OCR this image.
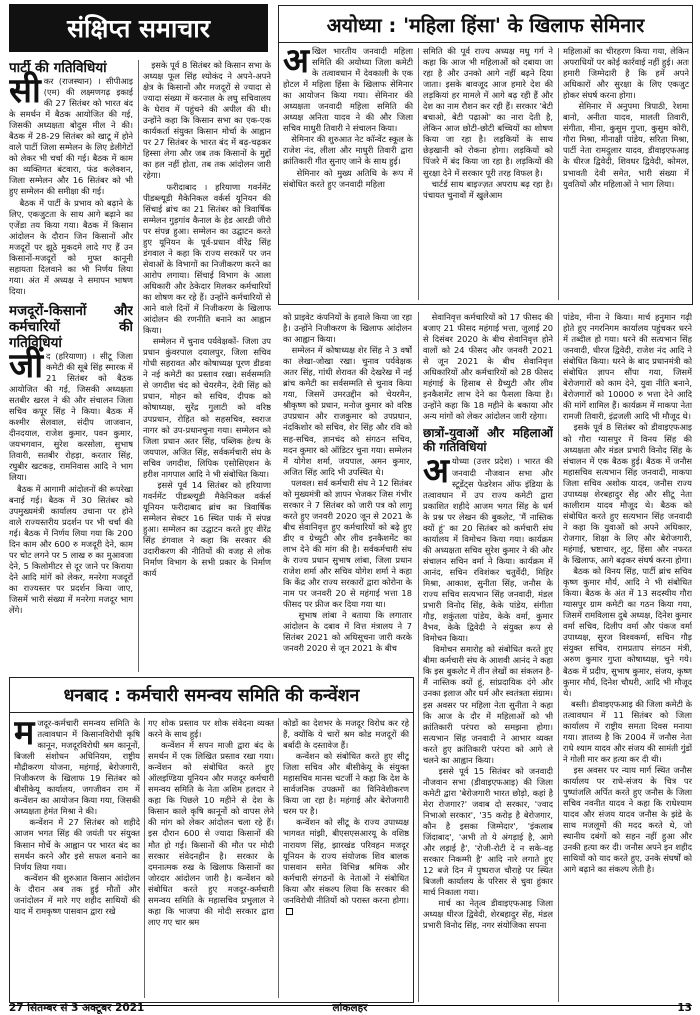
संक्षिप्त समाचार	अयोध्या : 'महिला हिंसा' के खिलाफ सेमिनार
पार्टी की गतिविधियां

सीकर (राजस्थान) । सीपीआइ (एम) की लक्ष्मणगढ़ इकाई की 27 सितंबर को भारत बंद के समर्थन में बैठक आयोजित की गई, जिसकी अध्यक्षता बोदुस मील ने की। बैठक में 28-29 सितंबर को खाटू में होने वाले पार्टी जिला सम्मेलन के लिए डेलीगेटों को लेकर भी चर्चा की गई। बैठक में काम का व्यक्तिगत बंटवारा, फंड कलेक्शन, जिला सम्मेलन और 16 सितंबर को भी हुए सम्मेलन की समीक्षा की गई।

बैठक में पार्टी के प्रभाव को बढ़ाने के लिए, एकजुटता के साथ आगे बढ़ाने का एजेंडा तय किया गया। बैठक में किसान आंदोलन के दौरान जिन किसानों और मजदूरों पर झूठे मुकदमे लादे गए हैं उन किसानों-मजदूरों को मुफ्त कानूनी सहायता दिलवाने का भी निर्णय लिया गया। अंत में अध्यक्ष ने समापन भाषण दिया।

मजदूरों-किसानों और कर्मचारियों की गतिविधियां

जींद (हरियाणा) । सीटू जिला कमेटी की सूबे सिंह स्मारक में 21 सितंबर को बैठक आयोजित की गई, जिसकी अध्यक्षता सतबीर खरल ने की और संचालन जिला सचिव कपूर सिंह ने किया। बैठक में कश्मीर सेलवाल, संदीप जाजवान, दीनदयाल, राजेश कुमार, पवन कुमार, जयभगवान, सुरेश करसोला, सुभाष तिवारी, सतबीर रोहड़ा, करतार सिंह, रघुबीर खटकड़, रामनिवास आदि ने भाग लिया।

बैठक में आगामी आंदोलनों की रूपरेखा बनाई गई। बैठक में 30 सितंबर को उपमुख्यमंत्री कार्यालय उचाना पर होने वाले राज्यस्तरीय प्रदर्शन पर भी चर्चा की गई। बैठक में निर्णय लिया गया कि 200 दिन काम और 600 रु मजदूरी देने, काम पर चोट लगने पर 5 लाख रु का मुआवजा देने, 5 किलोमीटर से दूर जाने पर किराया देने आदि मांगें को लेकर, मनरेगा मजदूरों का राज्यस्तर पर प्रदर्शन किया जाए, जिसमें भारी संख्या में मनरेगा मजदूर भाग लेंगे।

इसके पूर्व 8 सितंबर को किसान सभा के अध्यक्ष फूल सिंह श्योकंद ने अपने-अपने क्षेत्र के किसानों और मजदूरों से ज्यादा से ज्यादा संख्या में करनाल के लघु सचिवालय के घेराव में पहुंचने की अपील की थी। उन्होंने कहा कि किसान सभा का एक-एक कार्यकर्ता संयुक्त किसान मोर्चा के आह्वान पर 27 सितंबर के भारत बंद में बढ़-चढ़कर हिस्सा लेगा और जब तक किसानों के मुद्दों का हल नहीं होता, तब तक आंदोलन जारी रहेगा।

फरीदाबाद । हरियाणा गवर्नमेंट पीडब्ल्यूडी मैकेनिकल वर्कर्स यूनियन की सिंचाई ब्रांच का 21 सितंबर को त्रिवार्षिक सम्मेलन गुड़गांव कैनाल के हेड आरडी जीरो पर संपन्न हुआ। सम्मेलन का उद्घाटन करते हुए यूनियन के पूर्व-प्रधान वीरेंद्र सिंह डंगवाल ने कहा कि राज्य सरकारें पर जन सेवाओं के विभागों का निजीकरण करने का आरोप लगाया। सिंचाई विभाग के आला अधिकारी और ठेकेदार मिलकर कर्मचारियों का शोषण कर रहे हैं। उन्होंने कर्मचारियों से आने वाले दिनों में निजीकरण के खिलाफ आंदोलन की रणनीति बनाने का आह्वान किया।

सम्मेलन में चुनाव पर्यवेक्षकों- जिला उप प्रधान कुंवरपाल दयालपुर, जिला सचिव गोधी सहरावत और कोषाध्यक्ष पूरण डीडवा ने नई कमेटी का प्रस्ताव रखा। सर्वसम्मति से जगदीश चंद को चेयरमैन, देवी सिंह को प्रधान, मोहन को सचिव, दीपक को कोषाध्यक्ष, सुरेंद्र गुलाटी को वरिष्ठ उपप्रधान, रोहित को सहसचिव, स्वराज नागर को उप-प्रधानचुना गया। सम्मेलन को जिला प्रधान अतर सिंह, पब्लिक हेल्थ के जयपाल, अजित सिंह, सर्वकर्मचारी संघ के सचिव जगदीश, लिपिक एसोसिएशन के हरीश नागपाल आदि ने भी संबोधित किया।

इससे पूर्व 14 सितंबर को हरियाणा गवर्नमेंट पीडब्ल्यूडी मैकेनिकल वर्कर्स यूनियन फरीदाबाद ब्रांच का त्रिवार्षिक सम्मेलन सेक्टर 16 स्थित पार्क में संपन्न हुआ। सम्मेलन का उद्घाटन करते हुए वीरेंद्र सिंह डंगवाल ने कहा कि सरकार की उदारीकरण की नीतियों की वजह से लोक निर्माण विभाग के सभी प्रकार के निर्माण कार्य

अखिल भारतीय जनवादी महिला समिति की अयोध्या जिला कमेटी के तत्वावधान में देवकाली के एक होटल में महिला हिंसा के खिलाफ सेमिनार का आयोजन किया गया। सेमिनार की अध्यक्षता जनवादी महिला समिति की अध्यक्ष अनिता यादव ने की और जिला सचिव माधुरी तिवारी ने संचालन किया।

सेमिनार की शुरुआत नेट कॉन्वेंट स्कूल के राजेश नंद, लीला और माधुरी तिवारी द्वारा क्रांतिकारी गीत सुनाए जाने के साथ हुई।

सेमिनार को मुख्य अतिथि के रूप में संबोधित करते हुए जनवादी महिला

समिति की पूर्व राज्य अध्यक्ष मधु गर्ग ने कहा कि आज भी महिलाओं को दबाया जा रहा है और उनको आगे नहीं बढ़ने दिया जाता। इसके बावजूद आज हमारे देश की लड़कियां हर मामले में आगे बढ़ रही हैं और देश का नाम रौशन कर रही हैं। सरकार 'बेटी बचाओ, बेटी पढ़ाओ' का नारा देती है, लेकिन आज छोटी-छोटी बच्चियों का शोषण किया जा रहा है। लड़कियों के साथ छेड़खानी को रोकना होगा। लड़कियों को पिंजरे में बंद किया जा रहा है। लड़कियों की सुरक्षा देने में सरकार पूरी तरह विफल है।

चार्टर्ड साथ बाइज्ज़त अपराध बढ़ रहा है। पंचायत चुनावों में खुलेआम

महिलाओं का चीरहरण किया गया, लेकिन अपराधियों पर कोई कार्रवाई नहीं हुई। अतः हमारी जिम्मेदारी है कि हमें अपने अधिकारों और सुरक्षा के लिए एकजुट होकर संघर्ष करना होगा।

सेमिनार में अनुपमा त्रिपाठी, रेशमा बानो, अनीता यादव, मालती तिवारी, संगीता, मीना, कुसुम गुप्ता, कुसुम कोरी, गौरा मिश्रा, मीनाक्षी पांडेय, सरिता मिश्रा, पार्टी नेता रामदुलार यादव, डीवाइएफआइ के धीरज द्विवेदी, शिवधर द्विवेदी, कोमल, प्रभावती देवी समेत, भारी संख्या में युवतियों और महिलाओं ने भाग लिया।

को प्राइवेट कंपनियों के हवाले किया जा रहा है। उन्होंने निजीकरण के खिलाफ आंदोलन का आह्वान किया।

सम्मेलन में कोषाध्यक्ष शेर सिंह ने 3 वर्षों का लेखा-जोखा रखा। चुनाव पर्यवेक्षक अतर सिंह, गांधी शेरावत की देखरेख में नई ब्रांच कमेटी का सर्वसम्मति से चुनाव किया गया, जिसमें उमरउद्दीन को चेयरमैन, श्रीकृष्ण को प्रधान, मनोज कुमार को वरिष्ठ उपप्रधान और राजकुमार को उपप्रधान, नंदकिशोर को सचिव, शेर सिंह और रवि को सह-सचिव, ज्ञानचंद को संगठन सचिव, मदन कुमार को ऑडिटर चुना गया। सम्मेलन में योगेश शर्मा, जयपाल, अमन कुमार, अजित सिंह आदि भी उपस्थित थे।

पलवल। सर्व कर्मचारी संघ ने 12 सितंबर को मुख्यमंत्री को ज्ञापन भेजकर जिस गंभीर सरकार ने 7 सितंबर को जारी पत्र को लागू करते हुए जनवरी 2020 जून से 2021 के बीच सेवानिवृत्त हुए कर्मचारियों को बढ़े हुए डीए व ग्रेच्युटी और लीव इनकैशमेंट का लाभ देने की मांग की है। सर्वकर्मचारी संघ के राज्य प्रधान सुभाष लांबा, जिला प्रधान राजेश शर्मा और सचिव योगेश शर्मा ने कहा कि केंद्र और राज्य सरकारों द्वारा कोरोना के नाम पर जनवरी 20 से महंगाई भत्ता 18 फीसद पर फ्रीज कर दिया गया था।

सुभाष लांबा ने बताया कि लगातार आंदोलन के दबाव में वित्त मंत्रालय ने 7 सितंबर 2021 को अधिसूचना जारी करके जनवरी 2020 से जून 2021 के बीच

सेवानिवृत्त कर्मचारियों को 17 फीसद की बजाए 21 फीसद महंगाई भत्ता, जुलाई 20 से दिसंबर 2020 के बीच सेवानिवृत्त होने वालों को 24 फीसद और जनवरी 2021 से जून 2021 के बीच सेवानिवृत्त अधिकारियों और कर्मचारियों को 28 फीसद महंगाई के हिसाब से ग्रैच्युटी और लीव इनकैशमेंट लाभ देने का फैसला किया है। उन्होंने कहा कि 18 महीने के बकाया और अन्य मांगों को लेकर आंदोलन जारी रहेगा।

छात्रों-युवाओं और महिलाओं की गतिविधियां

अयोध्या (उत्तर प्रदेश) । भारत की जनवादी नौजवान सभा और स्टूडेंट्स फेडरेशन ऑफ इंडिया के तत्वावधान में उप राज्य कमेटी द्वारा प्रकाशित शहीदे आजम भगत सिंह के धर्म के प्रश्न पर लेखन की बुकलेट, 'मैं नास्तिक क्यों हूं' का 20 सितंबर को कर्मचारी संघ कार्यालय में विमोचन किया गया। कार्यक्रम की अध्यक्षता सचिव सुरेश कुमार ने की और संचालन सचिन वर्मा ने किया। कार्यक्रम में आनंद, सचिन रविशंकर चतुर्वेदी, मिहिर मिश्रा, आकाश, सुनीता सिंह, जनौस के राज्य सचिव सत्यभान सिंह जनवादी, मंडल प्रभारी विनोद सिंह, केके पांडेय, संगीता गौड़, शकुंतला पांडेय, केके वर्मा, कुमार वैभव, केके द्विवेदी ने संयुक्त रूप से विमोचन किया।

विमोचन समारोह को संबोधित करते हुए बीमा कर्मचारी संघ के आशवी आनंद ने कहा कि इस बुकलेट में तीन लेखों का संकलन है-मैं नास्तिक क्यों हूं, सांप्रदायिक दंगे और उनका इलाज और धर्म और स्वतंत्रता संग्राम। इस अवसर पर महिला नेता सुनीता ने कहा कि आज के दौर में महिलाओं को भी क्रांतिकारी परंपरा को समझना होगा। सत्यभान सिंह जनवादी ने आभार व्यक्त करते हुए क्रांतिकारी परंपरा को आगे ले चलने का आह्वान किया।

इससे पूर्व 15 सितंबर को जनवादी नौजवान सभा (डीवाइएफआइ) की जिला कमेटी द्वारा 'बेरोजगारी भारत छोड़ो, कहां है मेरा रोजगार?' जवाब दो सरकार, 'ज्वाद निभाओ सरकार', '35 करोड़ है बेरोजगार, कौन है इसका जिम्मेदार', 'इंकलाब जिंदाबाद', 'अभी तो ये अंगड़ाई है, आगे और लड़ाई है', 'रोजी-रोटी दे न सके-वह सरकार निकम्मी है' आदि नारे लगाते हुए 12 बजे दिन में पुष्पराज चौराहे पर स्थित बिजली कार्यालय के परिसर से चुवा हुंकार मार्च निकाला गया।

मार्च का नेतृत्व डीवाइएफआइ जिला अध्यक्ष धीरज द्विवेदी, शेरबहादुर सेंह, मंडल प्रभारी विनोद सिंह, नगर संयोजिका सपना

पांडेय, मीना ने किया। मार्च हनुमान गढ़ी होते हुए नगरनिगम कार्यालय पहुंचकर धरने में तब्दील हो गया। धरने की सत्यभान सिंह जनवादी, धीरज द्विवेदी, राजेश नंद आदि ने संबोधित किया। धरने के बाद प्रधानमंत्री को संबोधित ज्ञापन सौंपा गया, जिसमें बेरोजगारों को काम देने, युवा नीति बनाने, बेरोजगारों को 10000 रु भत्ता देने आदि की मांगें शामिल हैं। कार्यक्रम में माकपा नेता रामजी तिवारी, इंद्रजली आदि भी मौजूद थे।

इसके पूर्व 8 सितंबर को डीवाइएफआइ को गौरा ग्यासपुर में विनय सिंह की अध्यक्षता और मंडल प्रभारी विनोद सिंह के संचालन में एक बैठक हुई। बैठक में जनौस महासचिव सत्यभान सिंह जनवादी, माकपा जिला सचिव अशोक यादव, जनौस राज्य उपाध्यक्ष शेरबहादुर सेंह और सीटू नेता कालीराम यादव मौजूद थे। बैठक को संबोधित करते हुए सत्यभान सिंह जनवादी ने कहा कि युवाओं को अपने अधिकार, रोजगार, शिक्षा के लिए और बेरोजगारी, महंगाई, भ्रष्टाचार, लूट, हिंसा और नफरत के खिलाफ, आगे बढ़कर संघर्ष करना होगा।

बैठक को विनय सिंह, पार्टी ब्रांच सचिव कृष्ण कुमार मौर्य, आदि ने भी संबोधित किया। बैठक के अंत में 13 सदस्यीय गौरा ग्यासपुर ग्राम कमेटी का गठन किया गया, जिसमें रामविलास दुबे अध्यक्ष, दिनेश कुमार वर्मा सचिव, दिलीप वर्मा और पंकज वर्मा उपाध्यक्ष, सुरज विश्वकर्मा, सचिन गौड़ संयुक्त सचिव, रामप्रताप संगठन मंत्री, अरुण कुमार गुप्ता कोषाध्यक्ष, चुने गये। बैठक में प्रदीप, सुभाष कुमार, संजय, कृष्ण कुमार मौर्य, दिनेश चौधरी, आदि भी मौजूद थे।

बस्ती। डीवाइएफआइ की जिला कमेटी के तत्वावधान में 11 सितंबर को जिला कार्यालय में राष्ट्रीय समता दिवस मनाया गया। ज्ञातव्य है कि 2004 में जनौस नेता राधे श्याम यादव और संजय की सामंती गुंडों ने गोली मार कर हत्या कर दी थी।

इस अवसर पर न्याय मार्ग स्थित जनौस कार्यालय पर राधे-संजय के चित्र पर पुष्पांजलि अर्पित करते हुए जनौस के जिला सचिव नवनीत यादव ने कहा कि राधेश्याम यादव और संजय यादव जनौस के झंडे के साथ मजलूमों की मदद करते थे, जो स्थानीय दबंगों को सहन नहीं हुआ और उनकी हत्या कर दी। जनौस अपने इन शहीद साथियों को याद करते हुए, उनके संघर्षों को आगे बढ़ाने का संकल्प लेती है।

धनबाद : कर्मचारी समन्वय समिति की कन्वेंशन

मजदूर-कर्मचारी समन्वय समिति के तत्वावधान में किसानविरोधी कृषि कानून, मजदूरविरोधी श्रम कानूनों, बिजली संशोधन अधिनियम, राष्ट्रीय मौद्रीकरण योजना, महंगाई, बेरोजगारी, निजीकरण के खिलाफ 19 सितंबर को बीसीकेयू कार्यालय, जगजीवन राम में कन्वेंशन का आयोजन किया गया, जिसकी अध्यक्षता हेमंत मिश्रा ने की।

कन्वेंशन में 27 सितंबर को शहीदे आजम भगत सिंह की जयंती पर संयुक्त किसान मोर्चे के आह्वान पर भारत बंद का समर्थन करने और इसे सफल बनाने का निर्णय लिया गया।

कन्वेंशन की शुरुआत किसान आंदोलन के दौरान अब तक हुई मौतों और जनांदोलन में मारे गए शहीद साथियों की याद में रामकृष्ण पासवान द्वारा रखे

गए शोक प्रस्ताव पर शोक संवेदना व्यक्त करने के साथ हुई।

कन्वेंशन में सपन माजी द्वारा बंद के समर्थन में एक लिखित प्रस्ताव रखा गया। कन्वेंशन को संबोधित करते हुए ऑलइण्डिया यूनियन और मजदूर कर्मचारी समन्वय समिति के नेता अशिम हलदार ने कहा कि पिछले 10 महीने से देश के किसान काले कृषि कानूनों को वापस लेने की मांग को लेकर आंदोलन चला रहे हैं। इस दौरान 600 से ज्यादा किसानों की मौत हो गई। किसानों की मौत पर मोदी सरकार संवेदनहीन है। सरकार के दमनात्मक रुख के खिलाफ किसानों का जोरदार आंदोलन जारी है। कन्वेंशन को संबोधित करते हुए मजदूर-कर्मचारी समन्वय समिति के महासचिव प्रभुलाल ने कहा कि भाजपा की मोदी सरकार द्वारा लाए गए चार श्रम

कोडों का देशभर के मजदूर विरोध कर रहे हैं, क्योंकि ये चारों श्रम कोड मजदूरों की बर्बादी के दस्तावेज हैं।

कन्वेंशन को संबोधित करते हुए सीटू जिला सचिव और बीसीकेयू के संयुक्त महासचिव मानस चटर्जी ने कहा कि देश के सार्वजनिक उपक्रमों का विनिवेशीकरण किया जा रहा है। महंगाई और बेरोजगारी चरम पर है।

कन्वेंशन को सीटू के राज्य उपाध्यक्ष भागवत मांझी, बीएसएसआरयू के वशिष्ठ नारायण सिंह, झारखंड परिवहन मजदूर यूनियन के राज्य संयोजक शिव बालक पासवान समेत विभिन्न श्रमिक और कर्मचारी संगठनों के नेताओं ने संबोधित किया और संकल्प लिया कि सरकार की जनविरोधी नीतियों को परास्त करना होगा।

27 सितम्बर से 3 अक्टूबर 2021	लोकलहर	13
